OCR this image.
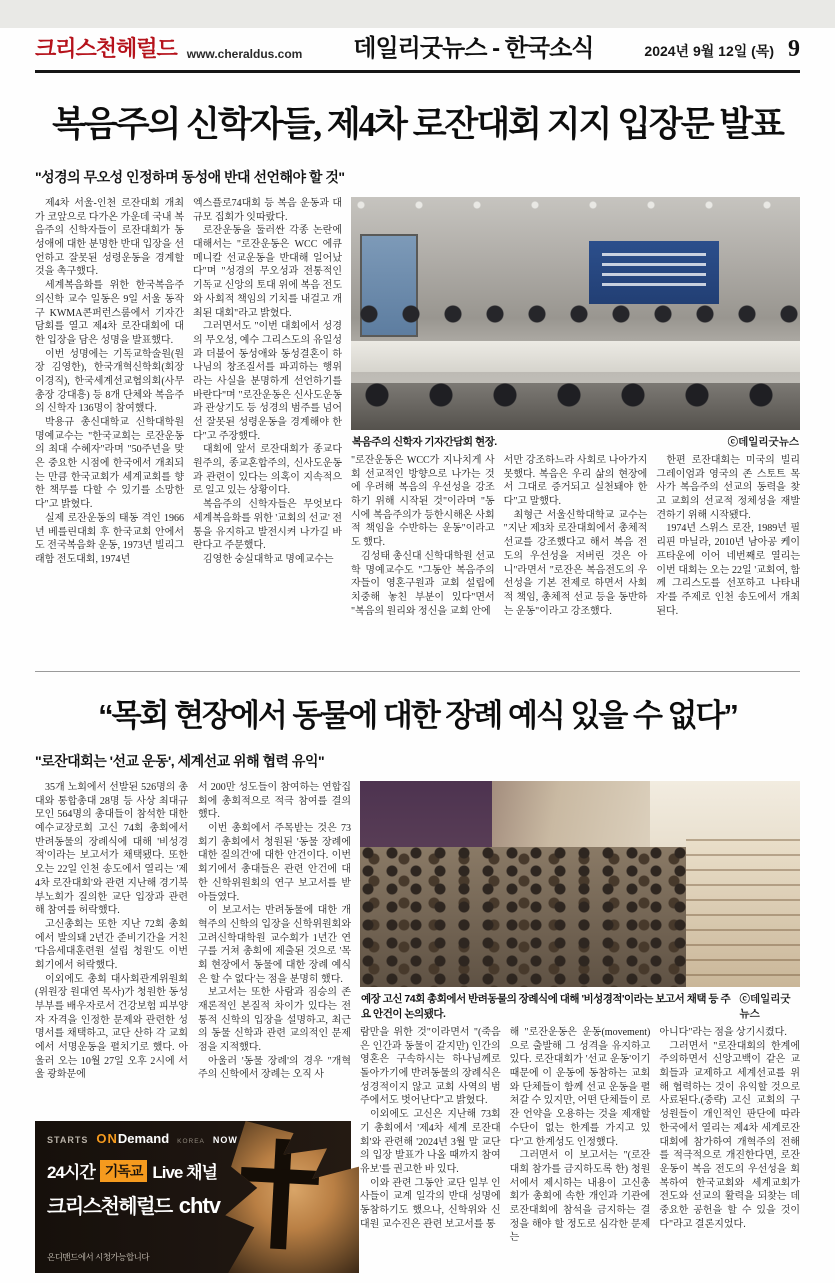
크리스천헤럴드 www.cheraldus.com 데일리굿뉴스 - 한국소식	2024년 9월 12일 (목) 9
복음주의 신학자들, 제4차 로잔대회 지지 입장문 발표
"성경의 무오성 인정하며 동성애 반대 선언해야 할 것"

제4차 서울-인천 로잔대회 개최가 코앞으로 다가온 가운데 국내 복음주의 신학자들이 로잔대회가 동성애에 대한 분명한 반대 입장을 선언하고 잘못된 성령운동을 경계할 것을 촉구했다.

세계복음화를 위한 한국복음주의신학 교수 일동은 9일 서울 동작구 KWMA콘퍼런스룸에서 기자간담회를 열고 제4차 로잔대회에 대한 입장을 담은 성명을 발표했다.

이번 성명에는 기독교학술원(원장 김영한), 한국개혁신학회(회장 이경직), 한국세계선교협의회(사무총장 강대흥) 등 8개 단체와 복음주의 신학자 136명이 참여했다.

박용규 총신대학교 신학대학원 명예교수는 "한국교회는 로잔운동의 최대 수혜자"라며 "50주년을 맞은 중요한 시점에 한국에서 개최되는 만큼 한국교회가 세계교회를 향한 책무를 다할 수 있기를 소망한다"고 밝혔다.

실제 로잔운동의 태동 격인 1966년 베를린대회 후 한국교회 안에서도 전국복음화 운동, 1973년 빌리그래함 전도대회, 1974년

엑스플로74대회 등 복음 운동과 대규모 집회가 잇따랐다.

로잔운동을 둘러싼 각종 논란에 대해서는 "로잔운동은 WCC 에큐메니칼 선교운동을 반대해 일어났다"며 "성경의 무오성과 전통적인 기독교 신앙의 토대 위에 복음 전도와 사회적 책임의 기치를 내걸고 개최된 대회"라고 밝혔다.

그러면서도 "이번 대회에서 성경의 무오성, 예수 그리스도의 유일성과 더불어 동성애와 동성결혼이 하나님의 창조질서를 파괴하는 행위라는 사실을 분명하게 선언하기를 바란다"며 "로잔운동은 신사도운동과 관상기도 등 성경의 범주를 넘어선 잘못된 성령운동을 경계해야 한다"고 주장했다.

대회에 앞서 로잔대회가 종교다원주의, 종교혼합주의, 신사도운동과 관련이 있다는 의혹이 지속적으로 일고 있는 상황이다.

복음주의 신학자들은 무엇보다 세계복음화를 위한 '교회의 선교' 전통을 유지하고 발전시켜 나가길 바란다고 주문했다.

김영한 숭실대학교 명예교수는

복음주의 신학자 기자간담회 현장.	ⓒ데일리굿뉴스

"로잔운동은 WCC가 지나치게 사회 선교적인 방향으로 나가는 것에 우려해 복음의 우선성을 강조하기 위해 시작된 것"이라며 "동시에 복음주의가 등한시해온 사회적 책임을 수반하는 운동"이라고도 했다.

김성태 총신대 신학대학원 선교학 명예교수도 "그동안 복음주의자들이 영혼구원과 교회 설립에 치중해 놓친 부분이 있다"면서 "복음의 원리와 정신을 교회 안에

서만 강조하느라 사회로 나아가지 못했다. 복음은 우리 삶의 현장에서 그대로 증거되고 실천돼야 한다"고 말했다.

최형근 서울신학대학교 교수는 "지난 제3차 로잔대회에서 총체적 선교를 강조했다고 해서 복음 전도의 우선성을 저버린 것은 아니"라면서 "로잔은 복음전도의 우선성을 기본 전제로 하면서 사회적 책임, 총체적 선교 등을 동반하는 운동"이라고 강조했다.

한편 로잔대회는 미국의 빌리 그레이엄과 영국의 존 스토트 목사가 복음주의 선교의 동력을 찾고 교회의 선교적 정체성을 재발견하기 위해 시작됐다.

1974년 스위스 로잔, 1989년 필리핀 마닐라, 2010년 남아공 케이프타운에 이어 네번째로 열리는 이번 대회는 오는 22일 '교회여, 함께 그리스도를 선포하고 나타내자'를 주제로 인천 송도에서 개최된다.

“목회 현장에서 동물에 대한 장례 예식 있을 수 없다”
"로잔대회는 '선교 운동', 세계선교 위해 협력 유익"

35개 노회에서 선발된 526명의 총대와 통합총대 28명 등 사상 최대규모인 564명의 총대들이 참석한 대한예수교장로회 고신 74회 총회에서 반려동물의 장례식에 대해 '비성경적'이라는 보고서가 채택됐다. 또한 오는 22일 인천 송도에서 열리는 '제4차 로잔대회'와 관련 지난해 경기북부노회가 질의한 교단 입장과 관련해 참여를 허락했다.

고신총회는 또한 지난 72회 총회에서 발의돼 2년간 준비기간을 거친 '다음세대훈련원 설립 청원'도 이번 회기에서 허락했다.

이외에도 총회 대사회관계위원회(위원장 원대연 목사)가 청원한 동성 부부를 배우자로서 건강보험 피부양자 자격을 인정한 문제와 관련한 성명서를 채택하고, 교단 산하 각 교회에서 서명운동을 펼치기로 했다. 아울러 오는 10월 27일 오후 2시에 서울 광화문에

서 200만 성도들이 참여하는 연합집회에 총회적으로 적극 참여를 결의했다.

이번 총회에서 주목받는 것은 73회기 총회에서 청원된 '동물 장례에 대한 질의건'에 대한 안건이다. 이번 회기에서 총대들은 관련 안건에 대한 신학위원회의 연구 보고서를 받아들였다.

이 보고서는 반려동물에 대한 개혁주의 신학의 입장을 신학위원회와 고려신학대학원 교수회가 1년간 연구를 거쳐 총회에 제출된 것으로 '목회 현장에서 동물에 대한 장례 예식은 할 수 없다'는 점을 분명히 했다.

보고서는 또한 사람과 짐승의 존재론적인 본질적 차이가 있다는 전통적 신학의 입장을 설명하고, 최근의 동물 신학과 관련 교의적인 문제점을 지적했다.

아울러 '동물 장례'의 경우 "개혁주의 신학에서 장례는 오직 사

STARTS ONDemand KOREA NOW
24시간 기독교 Live 채널
크리스천헤럴드 chtv
온디맨드에서 시청가능합니다
예장 고신 74회 총회에서 반려동물의 장례식에 대해 '비성경적'이라는 보고서 채택 등 주요 안건이 논의됐다.
ⓒ데일리굿뉴스

람만을 위한 것"이라면서 "(죽음은 인간과 동물이 같지만) 인간의 영혼은 구속하시는 하나님께로 돌아가기에 반려동물의 장례식은 성경적이지 않고 교회 사역의 범주에서도 벗어난다"고 밝혔다.

이외에도 고신은 지난해 73회기 총회에서 '제4차 세계 로잔대회'와 관련해 '2024년 3월 말 교단의 입장 발표가 나올 때까지 참여 유보'를 권고한 바 있다.

이와 관련 그동안 교단 일부 인사들이 교계 일각의 반대 성명에 동참하기도 했으나, 신학위와 신대원 교수진은 관련 보고서를 통

해 "로잔운동은 운동(movement)으로 출발해 그 성격을 유지하고 있다. 로잔대회가 '선교 운동'이기 때문에 이 운동에 동참하는 교회와 단체들이 함께 선교 운동을 펼쳐갈 수 있지만, 어떤 단체들이 로잔 언약을 오용하는 것을 제재할 수단이 없는 한계를 가지고 있다"고 한계성도 인정했다.

그러면서 이 보고서는 "(로잔대회 참가를 금지하도록 한) 청원서에서 제시하는 내용이 고신총회가 총회에 속한 개인과 기관에 로잔대회에 참석을 금지하는 결정을 해야 할 정도로 심각한 문제는

아니다"라는 점을 상기시켰다.

그러면서 "로잔대회의 한계에 주의하면서 신앙고백이 같은 교회들과 교제하고 세계선교를 위해 협력하는 것이 유익할 것으로 사료된다.(중략) 고신 교회의 구성원들이 개인적인 판단에 따라 한국에서 열리는 제4차 세계로잔대회에 참가하여 개혁주의 전해를 적극적으로 개진한다면, 로잔 운동이 복음 전도의 우선성을 회복하여 한국교회와 세계교회가 전도와 선교의 활력을 되찾는 데 중요한 공헌을 할 수 있을 것이다"라고 결론지었다.
